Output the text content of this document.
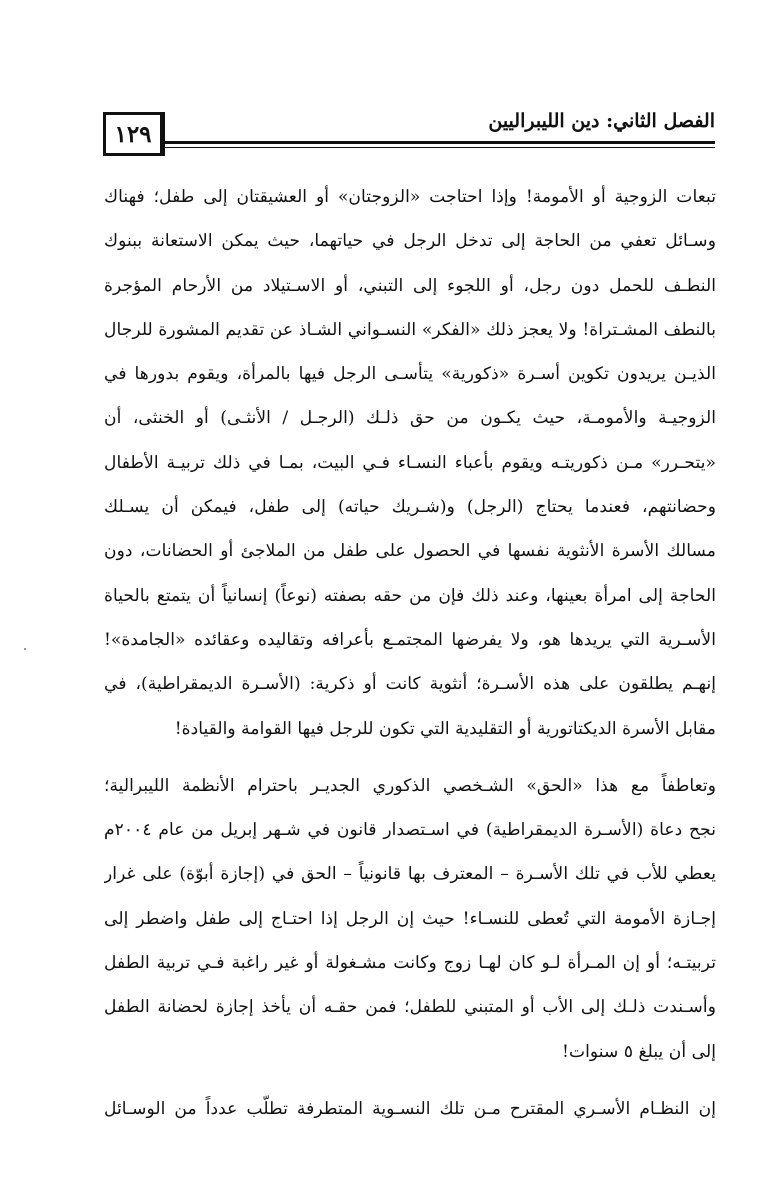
١٢٩	الفصل الثاني: دين الليبراليين
تبعات الزوجية أو الأمومة! وإذا احتاجت «الزوجتان» أو العشيقتان إلى طفل؛ فهناك
وسـائل تعفي من الحاجة إلى تدخل الرجل في حياتهما، حيث يمكن الاستعانة ببنوك
النطـف للحمل دون رجل، أو اللجوء إلى التبني، أو الاسـتيلاد من الأرحام المؤجرة
بالنطف المشـتراة! ولا يعجز ذلك «الفكر» النسـواني الشـاذ عن تقديم المشورة للرجال
الذيـن يريدون تكوين أسـرة «ذكورية» يتأسـى الرجل فيها بالمرأة، ويقوم بدورها في
الزوجيـة والأمومـة، حيث يكـون من حق ذلـك (الرجـل / الأنثـى) أو الخنثى، أن
«يتحـرر» مـن ذكوريتـه ويقوم بأعباء النسـاء فـي البيت، بمـا في ذلك تربيـة الأطفال
وحضانتهم، فعندما يحتاج (الرجل) و(شـريك حياته) إلى طفل، فيمكن أن يسـلك
مسالك الأسرة الأنثوية نفسها في الحصول على طفل من الملاجئ أو الحضانات، دون
الحاجة إلى امرأة بعينها، وعند ذلك فإن من حقه بصفته (نوعاً) إنسانياً أن يتمتع بالحياة
الأسـرية التي يريدها هو، ولا يفرضها المجتمـع بأعرافه وتقاليده وعقائده «الجامدة»!
إنهـم يطلقون على هذه الأسـرة؛ أنثوية كانت أو ذكرية: (الأسـرة الديمقراطية)، في
مقابل الأسرة الديكتاتورية أو التقليدية التي تكون للرجل فيها القوامة والقيادة!
وتعاطفاً مع هذا «الحق» الشـخصي الذكوري الجديـر باحترام الأنظمة الليبرالية؛
نجح دعاة (الأسـرة الديمقراطية) في اسـتصدار قانون في شـهر إبريل من عام ٢٠٠٤م
يعطي للأب في تلك الأسـرة – المعترف بها قانونياً – الحق في (إجازة أبوّة) على غرار
إجـازة الأمومة التي تُعطى للنسـاء! حيث إن الرجل إذا احتـاج إلى طفل واضطر إلى
تربيتـه؛ أو إن المـرأة لـو كان لهـا زوج وكانت مشـغولة أو غير راغبة فـي تربية الطفل
وأسـندت ذلـك إلى الأب أو المتبني للطفل؛ فمن حقـه أن يأخذ إجازة لحضانة الطفل
إلى أن يبلغ ٥ سنوات!
إن النظـام الأسـري المقترح مـن تلك النسـوية المتطرفة تطلّب عدداً من الوسـائل
